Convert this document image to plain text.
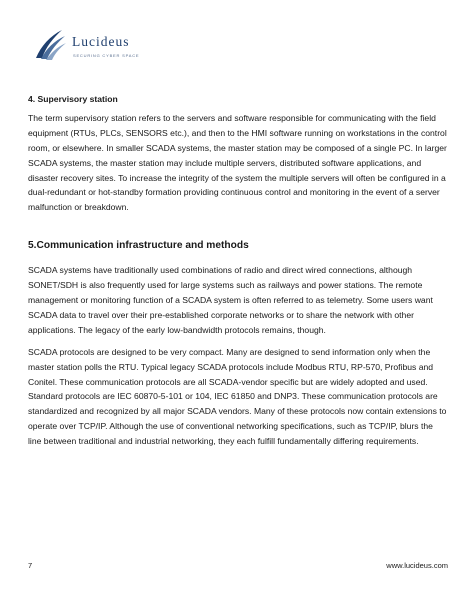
Lucideus
SECURING CYBER SPACE
4. Supervisory station

The term supervisory station refers to the servers and software responsible for communicating with the field equipment (RTUs, PLCs, SENSORS etc.), and then to the HMI software running on workstations in the control room, or elsewhere. In smaller SCADA systems, the master station may be composed of a single PC. In larger SCADA systems, the master station may include multiple servers, distributed software applications, and disaster recovery sites. To increase the integrity of the system the multiple servers will often be configured in a dual-redundant or hot-standby formation providing continuous control and monitoring in the event of a server malfunction or breakdown.

5.Communication infrastructure and methods

SCADA systems have traditionally used combinations of radio and direct wired connections, although SONET/SDH is also frequently used for large systems such as railways and power stations. The remote management or monitoring function of a SCADA system is often referred to as telemetry. Some users want SCADA data to travel over their pre-established corporate networks or to share the network with other applications. The legacy of the early low-bandwidth protocols remains, though.

SCADA protocols are designed to be very compact. Many are designed to send information only when the master station polls the RTU. Typical legacy SCADA protocols include Modbus RTU, RP-570, Profibus and Conitel. These communication protocols are all SCADA-vendor specific but are widely adopted and used. Standard protocols are IEC 60870-5-101 or 104, IEC 61850 and DNP3. These communication protocols are standardized and recognized by all major SCADA vendors. Many of these protocols now contain extensions to operate over TCP/IP. Although the use of conventional networking specifications, such as TCP/IP, blurs the line between traditional and industrial networking, they each fulfill fundamentally differing requirements.

7	www.lucideus.com
